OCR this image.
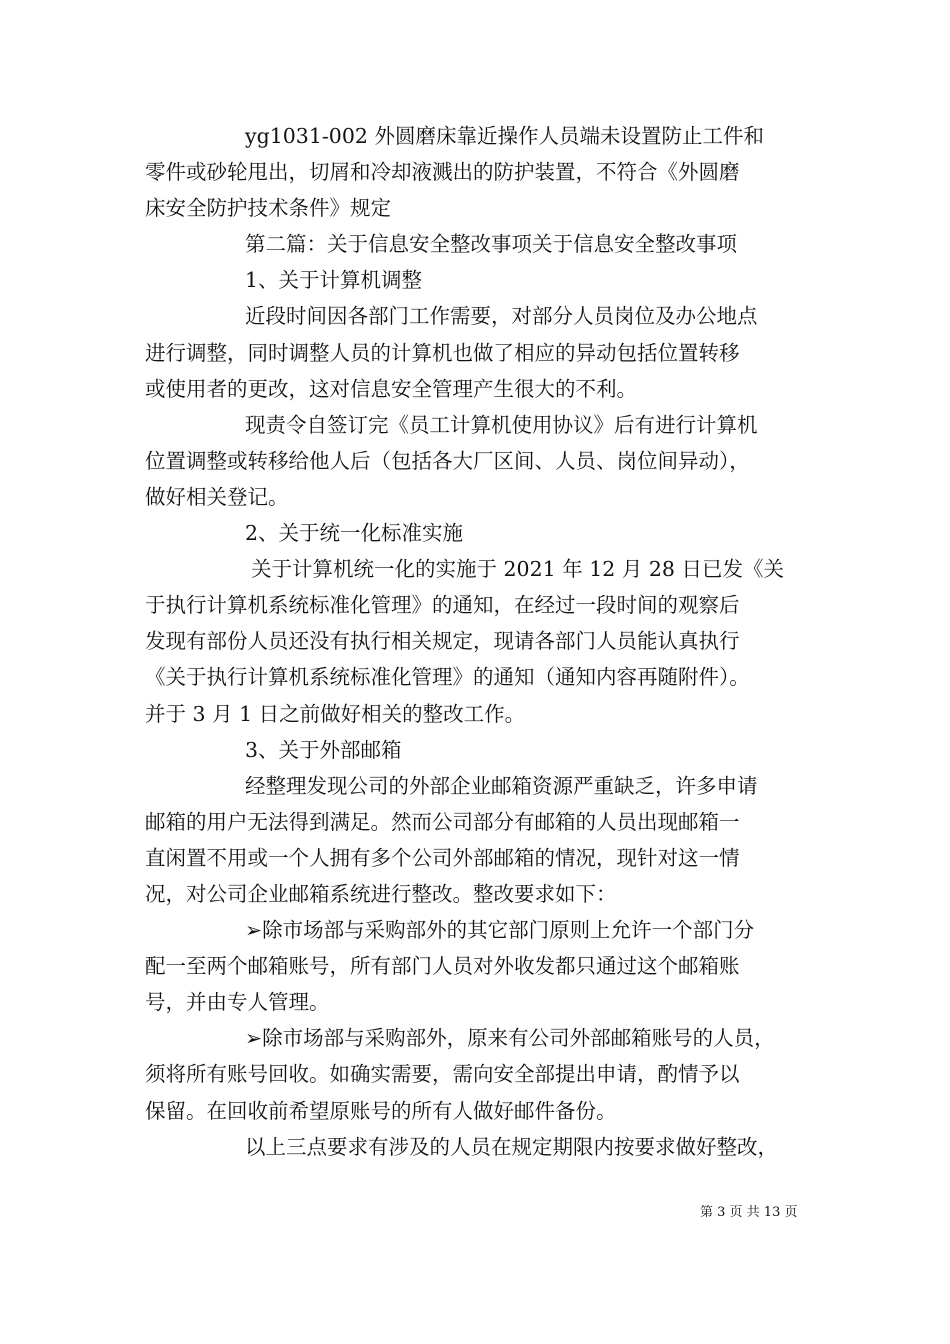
yg1031-002 外圆磨床靠近操作人员端未设置防止工件和
零件或砂轮甩出，切屑和冷却液溅出的防护装置，不符合《外圆磨
床安全防护技术条件》规定
第二篇：关于信息安全整改事项关于信息安全整改事项
1、关于计算机调整
近段时间因各部门工作需要，对部分人员岗位及办公地点
进行调整，同时调整人员的计算机也做了相应的异动包括位置转移
或使用者的更改，这对信息安全管理产生很大的不利。
现责令自签订完《员工计算机使用协议》后有进行计算机
位置调整或转移给他人后（包括各大厂区间、人员、岗位间异动），
做好相关登记。
2、关于统一化标准实施
关于计算机统一化的实施于 2021 年 12 月 28 日已发《关
于执行计算机系统标准化管理》的通知，在经过一段时间的观察后
发现有部份人员还没有执行相关规定，现请各部门人员能认真执行
《关于执行计算机系统标准化管理》的通知（通知内容再随附件）。
并于 3 月 1 日之前做好相关的整改工作。
3、关于外部邮箱
经整理发现公司的外部企业邮箱资源严重缺乏，许多申请
邮箱的用户无法得到满足。然而公司部分有邮箱的人员出现邮箱一
直闲置不用或一个人拥有多个公司外部邮箱的情况，现针对这一情
况，对公司企业邮箱系统进行整改。整改要求如下：
➢除市场部与采购部外的其它部门原则上允许一个部门分
配一至两个邮箱账号，所有部门人员对外收发都只通过这个邮箱账
号，并由专人管理。
➢除市场部与采购部外，原来有公司外部邮箱账号的人员，
须将所有账号回收。如确实需要，需向安全部提出申请，酌情予以
保留。在回收前希望原账号的所有人做好邮件备份。
以上三点要求有涉及的人员在规定期限内按要求做好整改，
第 3 页 共 13 页
